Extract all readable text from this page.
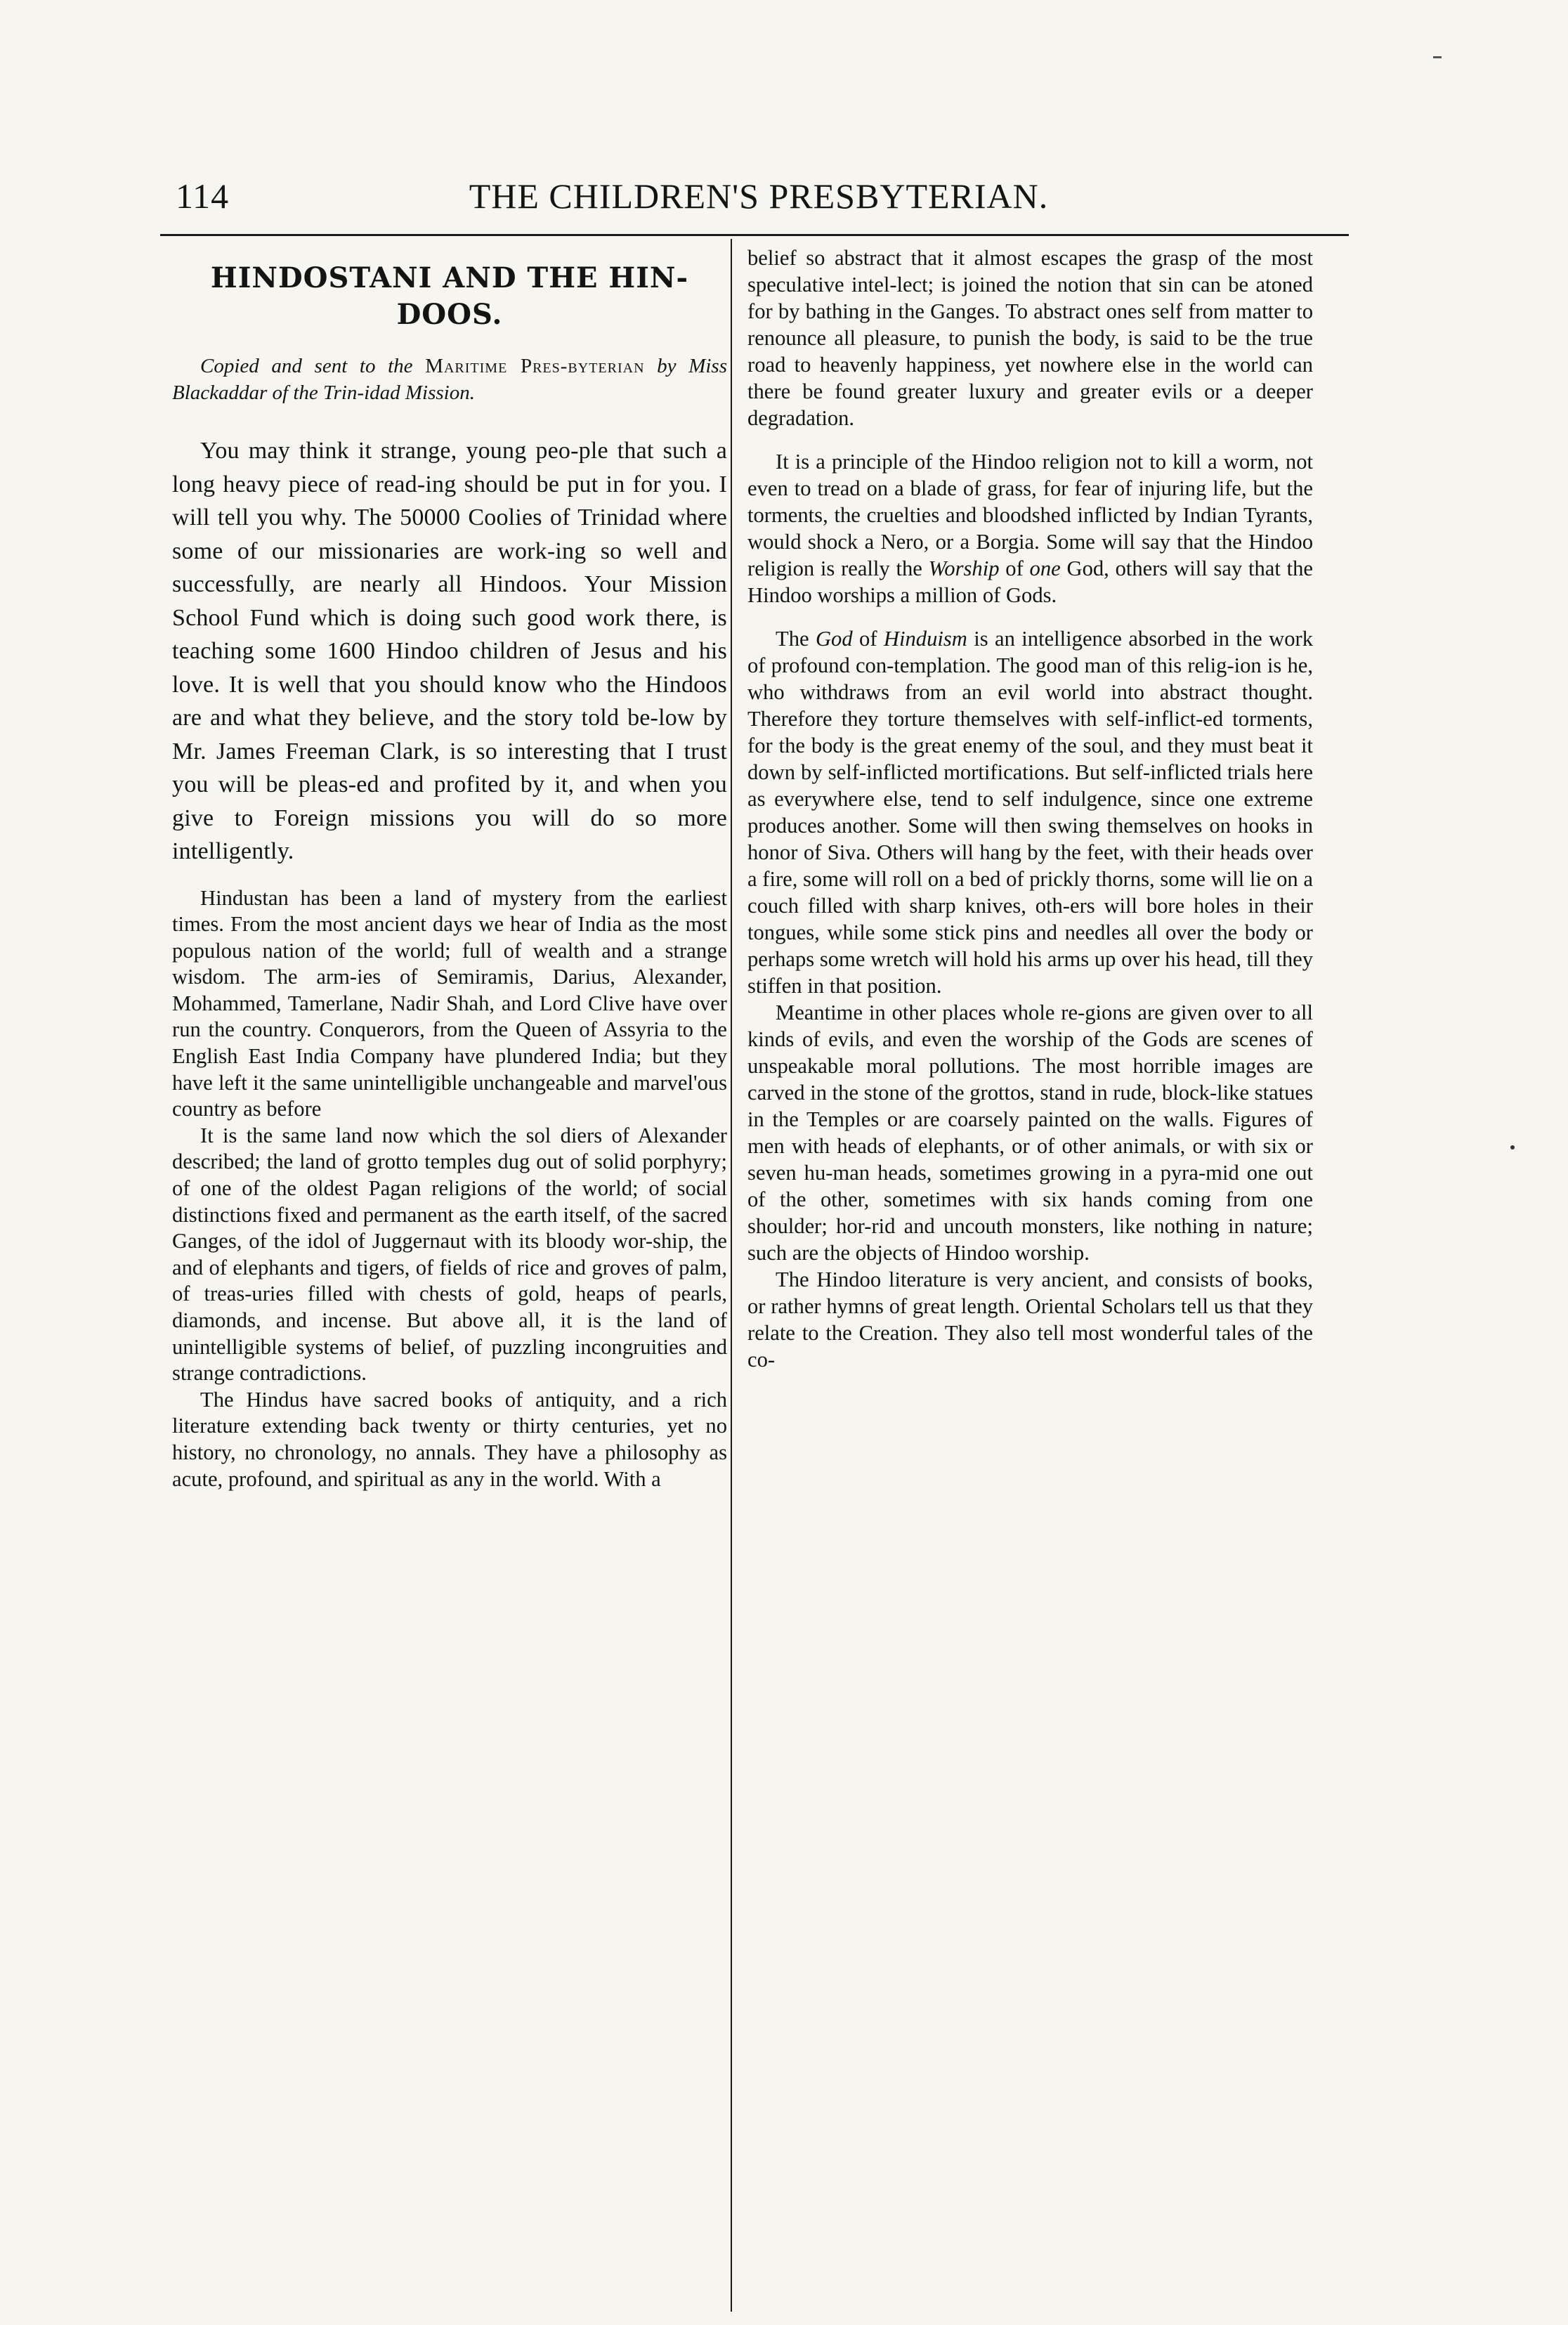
114	THE CHILDREN'S PRESBYTERIAN.
HINDOSTANI AND THE HIN-
DOOS.

Copied and sent to the Maritime Pres-byterian by Miss Blackaddar of the Trin-idad Mission.

You may think it strange, young peo-ple that such a long heavy piece of read-ing should be put in for you. I will tell you why. The 50000 Coolies of Trinidad where some of our missionaries are work-ing so well and successfully, are nearly all Hindoos. Your Mission School Fund which is doing such good work there, is teaching some 1600 Hindoo children of Jesus and his love. It is well that you should know who the Hindoos are and what they believe, and the story told be-low by Mr. James Freeman Clark, is so interesting that I trust you will be pleas-ed and profited by it, and when you give to Foreign missions you will do so more intelligently.

Hindustan has been a land of mystery from the earliest times. From the most ancient days we hear of India as the most populous nation of the world; full of wealth and a strange wisdom. The arm-ies of Semiramis, Darius, Alexander, Mohammed, Tamerlane, Nadir Shah, and Lord Clive have over run the country. Conquerors, from the Queen of Assyria to the English East India Company have plundered India; but they have left it the same unintelligible unchangeable and marvel'ous country as before

It is the same land now which the sol diers of Alexander described; the land of grotto temples dug out of solid porphyry; of one of the oldest Pagan religions of the world; of social distinctions fixed and permanent as the earth itself, of the sacred Ganges, of the idol of Juggernaut with its bloody wor-ship, the and of elephants and tigers, of fields of rice and groves of palm, of treas-uries filled with chests of gold, heaps of pearls, diamonds, and incense. But above all, it is the land of unintelligible systems of belief, of puzzling incongruities and strange contradictions.

The Hindus have sacred books of antiquity, and a rich literature extending back twenty or thirty centuries, yet no history, no chronology, no annals. They have a philosophy as acute, profound, and spiritual as any in the world. With a

belief so abstract that it almost escapes the grasp of the most speculative intel-lect; is joined the notion that sin can be atoned for by bathing in the Ganges. To abstract ones self from matter to renounce all pleasure, to punish the body, is said to be the true road to heavenly happiness, yet nowhere else in the world can there be found greater luxury and greater evils or a deeper degradation.

It is a principle of the Hindoo religion not to kill a worm, not even to tread on a blade of grass, for fear of injuring life, but the torments, the cruelties and bloodshed inflicted by Indian Tyrants, would shock a Nero, or a Borgia. Some will say that the Hindoo religion is really the Worship of one God, others will say that the Hindoo worships a million of Gods.

The God of Hinduism is an intelligence absorbed in the work of profound con-templation. The good man of this relig-ion is he, who withdraws from an evil world into abstract thought. Therefore they torture themselves with self-inflict-ed torments, for the body is the great enemy of the soul, and they must beat it down by self-inflicted mortifications. But self-inflicted trials here as everywhere else, tend to self indulgence, since one extreme produces another. Some will then swing themselves on hooks in honor of Siva. Others will hang by the feet, with their heads over a fire, some will roll on a bed of prickly thorns, some will lie on a couch filled with sharp knives, oth-ers will bore holes in their tongues, while some stick pins and needles all over the body or perhaps some wretch will hold his arms up over his head, till they stiffen in that position.

Meantime in other places whole re-gions are given over to all kinds of evils, and even the worship of the Gods are scenes of unspeakable moral pollutions. The most horrible images are carved in the stone of the grottos, stand in rude, block-like statues in the Temples or are coarsely painted on the walls. Figures of men with heads of elephants, or of other animals, or with six or seven hu-man heads, sometimes growing in a pyra-mid one out of the other, sometimes with six hands coming from one shoulder; hor-rid and uncouth monsters, like nothing in nature; such are the objects of Hindoo worship.

The Hindoo literature is very ancient, and consists of books, or rather hymns of great length. Oriental Scholars tell us that they relate to the Creation. They also tell most wonderful tales of the co-
